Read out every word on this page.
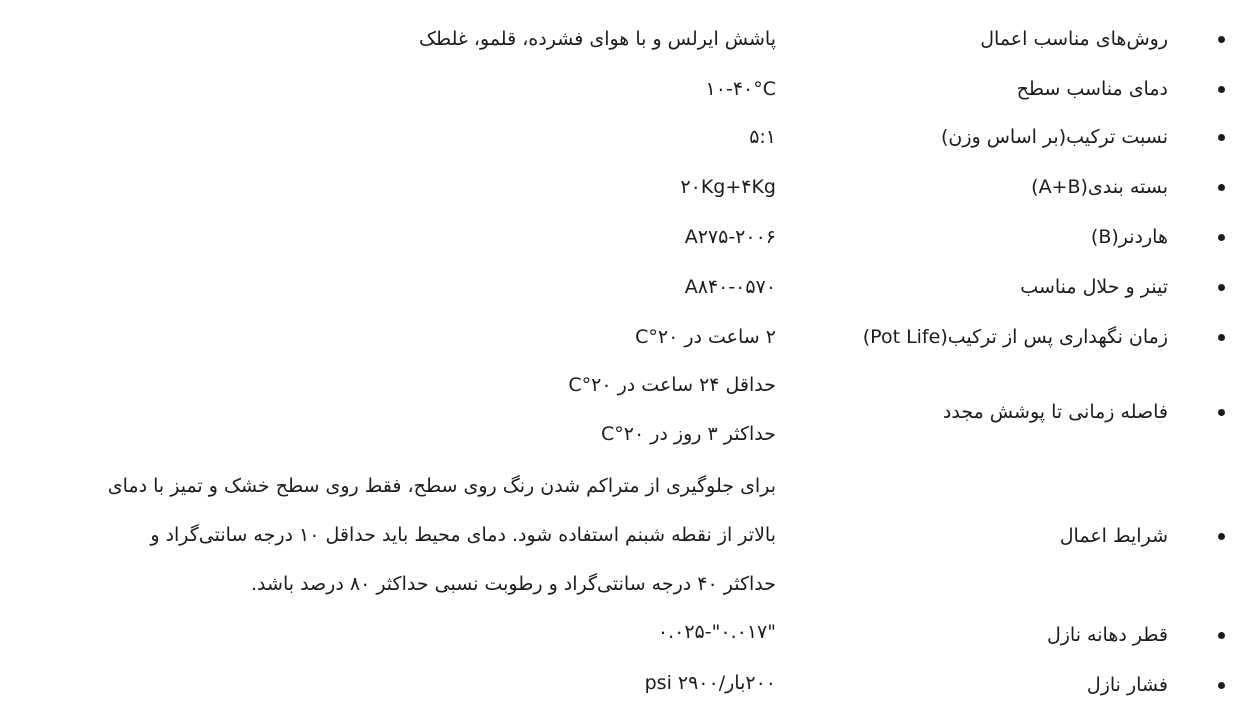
روش‌های مناسب اعمال
پاشش ایرلس و با هوای فشرده، قلمو، غلطک
دمای مناسب سطح
۱۰-۴۰°C
نسبت ترکیب(بر اساس وزن)
۵:۱
بسته بندی(A+B)
۲۰Kg+۴Kg
هاردنر(B)
A۲۷۵-۲۰۰۶
تینر و حلال مناسب
A۸۴۰-۰۵۷۰
زمان نگهداری پس از ترکیب(Pot Life)
۲ ساعت در ۲۰°C
فاصله زمانی تا پوشش مجدد
حداقل ۲۴ ساعت در ۲۰°C
حداکثر ۳ روز در ۲۰°C
شرایط اعمال
برای جلوگیری از متراکم شدن رنگ روی سطح، فقط روی سطح خشک و تمیز با دمای
بالاتر از نقطه شبنم استفاده شود. دمای محیط باید حداقل ۱۰ درجه سانتی‌گراد و
حداکثر ۴۰ درجه سانتی‌گراد و رطوبت نسبی حداکثر ۸۰ درصد باشد.
قطر دهانه نازل
"۰.۰۱۷"-۰.۰۲۵
فشار نازل
۲۰۰بار/psi ۲۹۰۰
